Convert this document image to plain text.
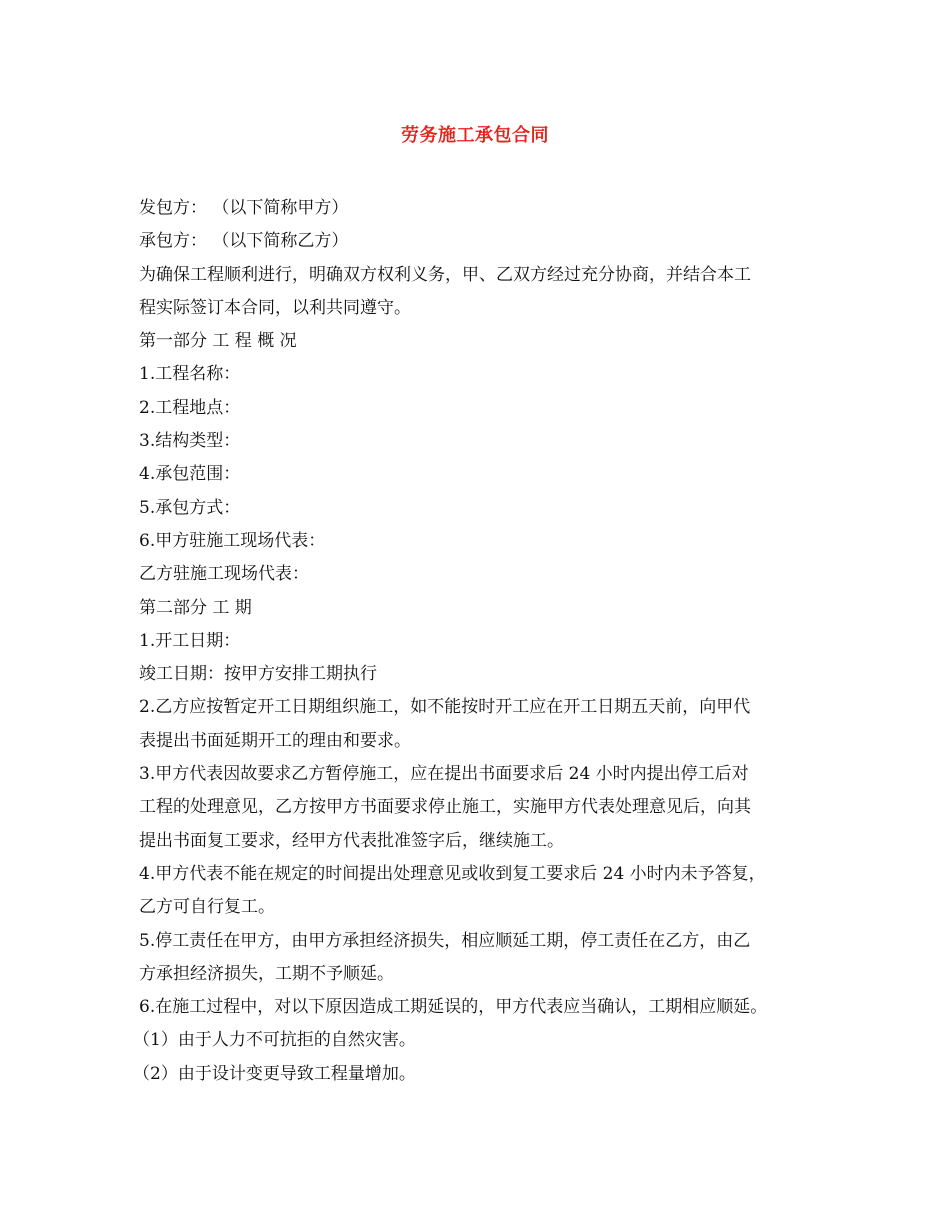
劳务施工承包合同
发包方： （以下简称甲方）
承包方： （以下简称乙方）
为确保工程顺利进行，明确双方权利义务，甲、乙双方经过充分协商，并结合本工
程实际签订本合同，以利共同遵守。
第一部分 工 程 概 况
1.工程名称：
2.工程地点：
3.结构类型：
4.承包范围：
5.承包方式：
6.甲方驻施工现场代表：
乙方驻施工现场代表：
第二部分 工 期
1.开工日期：
竣工日期：按甲方安排工期执行
2.乙方应按暂定开工日期组织施工，如不能按时开工应在开工日期五天前，向甲代
表提出书面延期开工的理由和要求。
3.甲方代表因故要求乙方暂停施工，应在提出书面要求后 24 小时内提出停工后对
工程的处理意见，乙方按甲方书面要求停止施工，实施甲方代表处理意见后，向其
提出书面复工要求，经甲方代表批准签字后，继续施工。
4.甲方代表不能在规定的时间提出处理意见或收到复工要求后 24 小时内未予答复，
乙方可自行复工。
5.停工责任在甲方，由甲方承担经济损失，相应顺延工期，停工责任在乙方，由乙
方承担经济损失，工期不予顺延。
6.在施工过程中，对以下原因造成工期延误的，甲方代表应当确认，工期相应顺延。
（1）由于人力不可抗拒的自然灾害。
（2）由于设计变更导致工程量增加。
